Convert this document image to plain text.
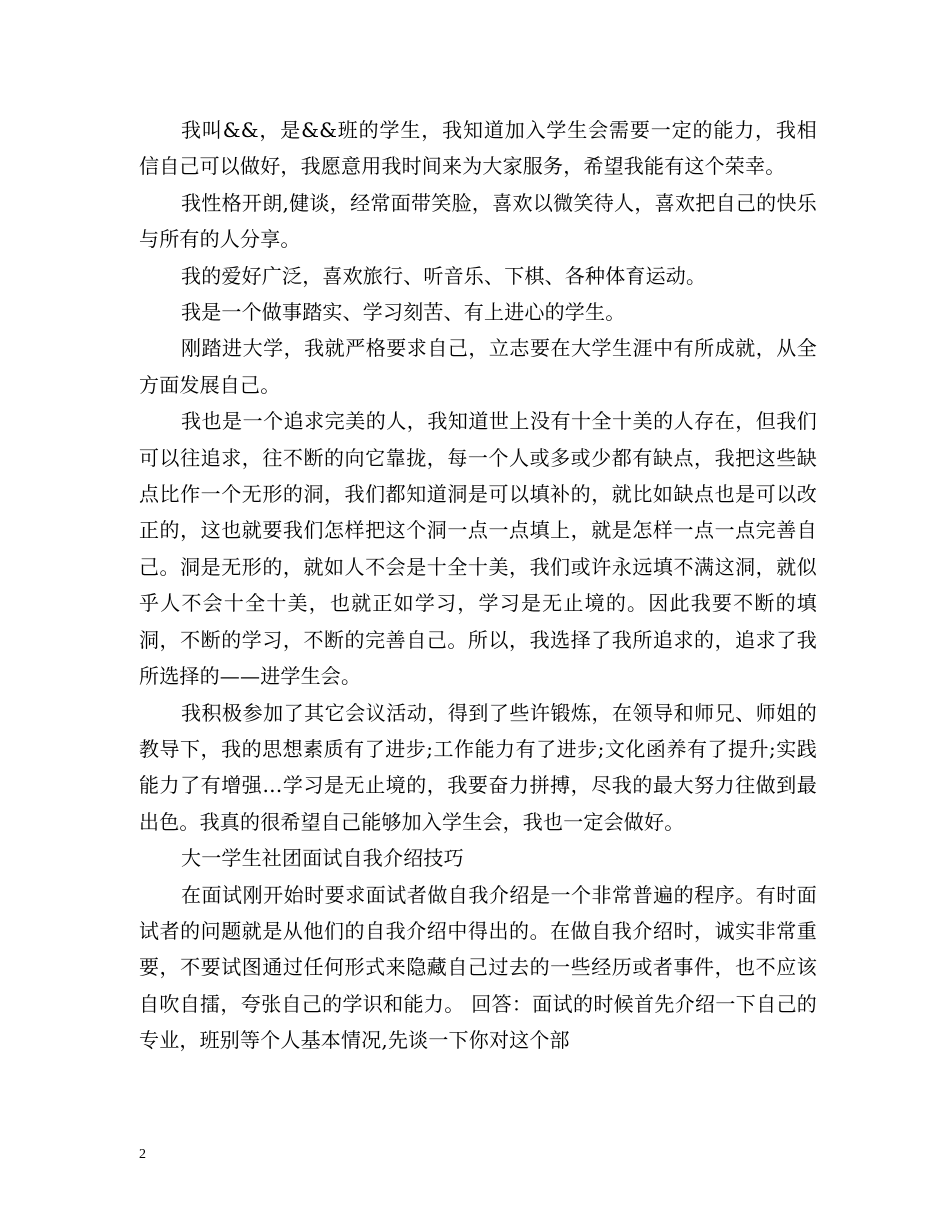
我叫&&，是&&班的学生，我知道加入学生会需要一定的能力，我相信自己可以做好，我愿意用我时间来为大家服务，希望我能有这个荣幸。

我性格开朗,健谈，经常面带笑脸，喜欢以微笑待人，喜欢把自己的快乐与所有的人分享。

我的爱好广泛，喜欢旅行、听音乐、下棋、各种体育运动。

我是一个做事踏实、学习刻苦、有上进心的学生。

刚踏进大学，我就严格要求自己，立志要在大学生涯中有所成就，从全方面发展自己。

我也是一个追求完美的人，我知道世上没有十全十美的人存在，但我们可以往追求，往不断的向它靠拢，每一个人或多或少都有缺点，我把这些缺点比作一个无形的洞，我们都知道洞是可以填补的，就比如缺点也是可以改正的，这也就要我们怎样把这个洞一点一点填上，就是怎样一点一点完善自己。洞是无形的，就如人不会是十全十美，我们或许永远填不满这洞，就似乎人不会十全十美，也就正如学习，学习是无止境的。因此我要不断的填洞，不断的学习，不断的完善自己。所以，我选择了我所追求的，追求了我所选择的——进学生会。

我积极参加了其它会议活动，得到了些许锻炼，在领导和师兄、师姐的教导下，我的思想素质有了进步;工作能力有了进步;文化函养有了提升;实践能力了有增强…学习是无止境的，我要奋力拼搏，尽我的最大努力往做到最出色。我真的很希望自己能够加入学生会，我也一定会做好。

大一学生社团面试自我介绍技巧

在面试刚开始时要求面试者做自我介绍是一个非常普遍的程序。有时面试者的问题就是从他们的自我介绍中得出的。在做自我介绍时，诚实非常重要，不要试图通过任何形式来隐藏自己过去的一些经历或者事件，也不应该自吹自擂，夸张自己的学识和能力。 回答：面试的时候首先介绍一下自己的专业，班别等个人基本情况,先谈一下你对这个部

2
